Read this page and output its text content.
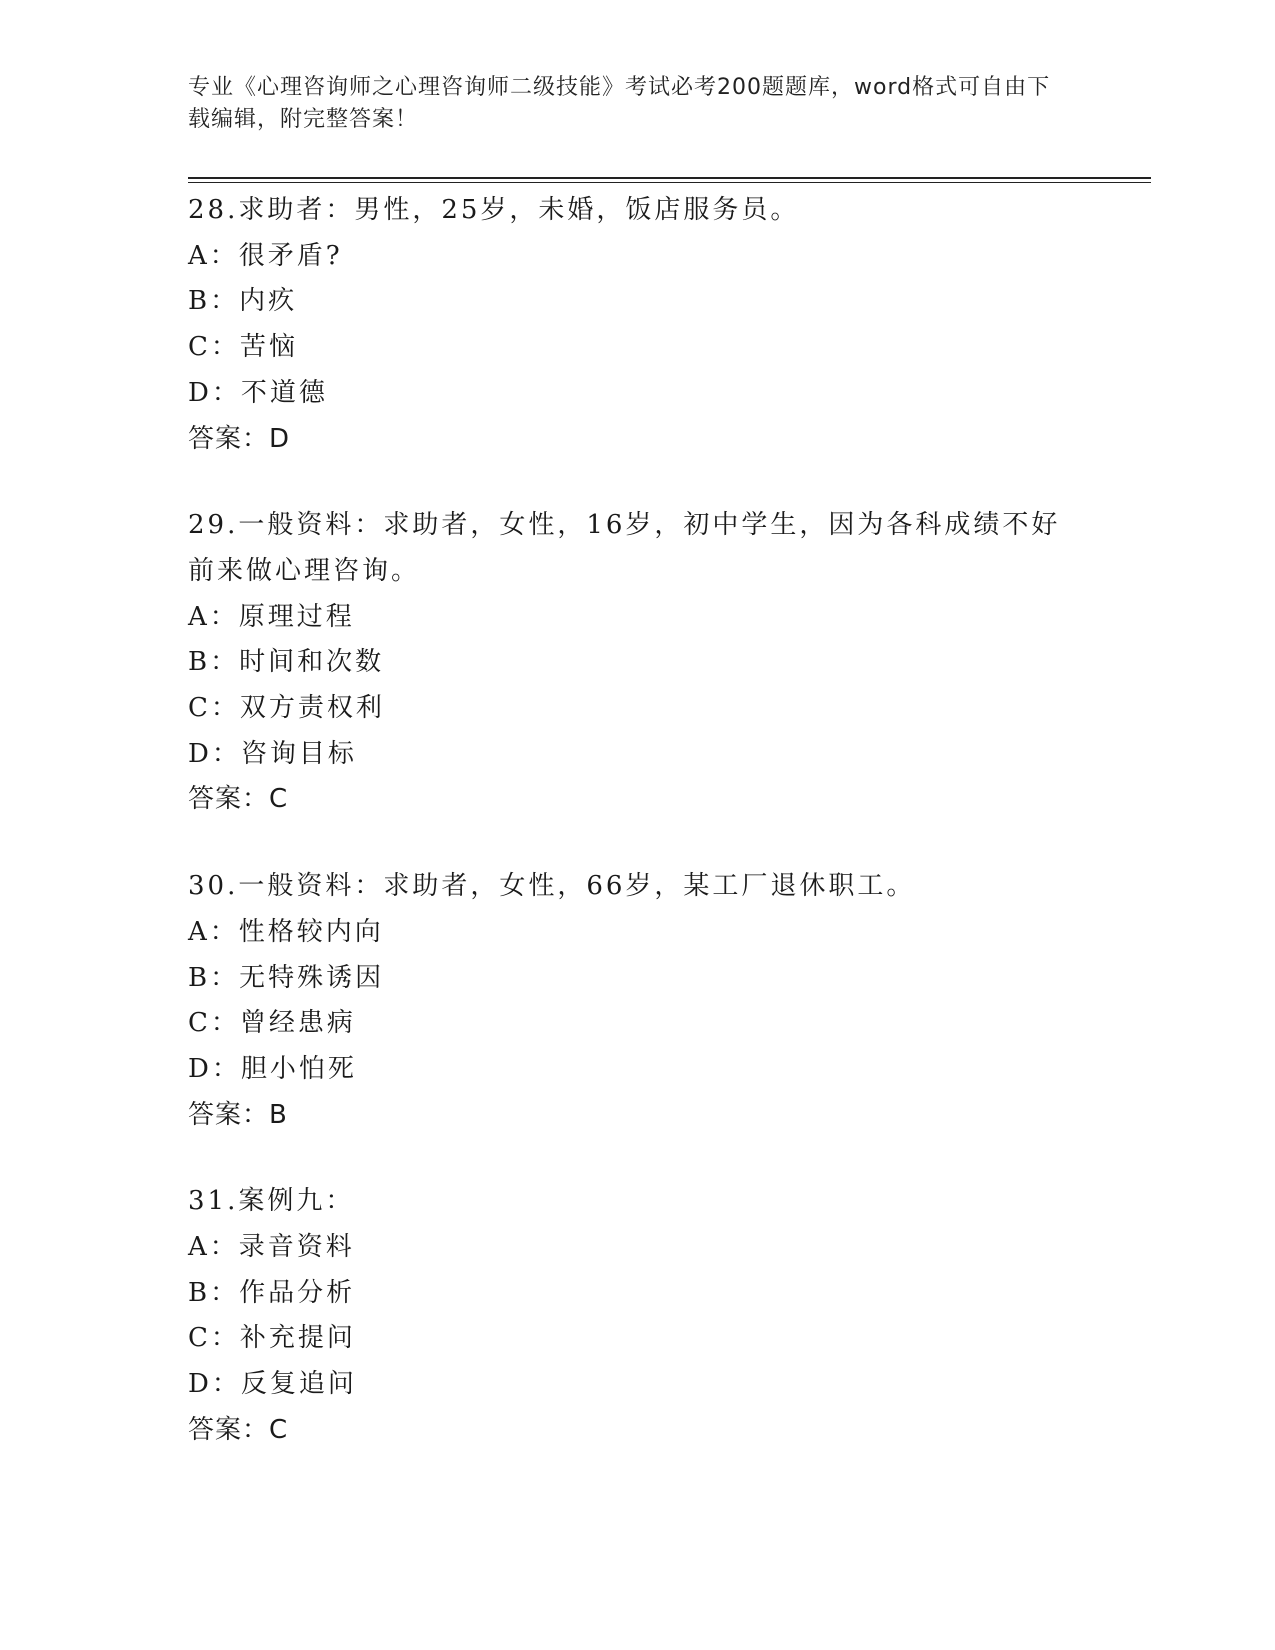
专业《心理咨询师之心理咨询师二级技能》考试必考200题题库，word格式可自由下载编辑，附完整答案！
28.求助者：男性，25岁，未婚，饭店服务员。
A：很矛盾?
B：内疚
C：苦恼
D：不道德
答案：D
29.一般资料：求助者，女性，16岁，初中学生，因为各科成绩不好前来做心理咨询。
A：原理过程
B：时间和次数
C：双方责权利
D：咨询目标
答案：C
30.一般资料：求助者，女性，66岁，某工厂退休职工。
A：性格较内向
B：无特殊诱因
C：曾经患病
D：胆小怕死
答案：B
31.案例九：
A：录音资料
B：作品分析
C：补充提问
D：反复追问
答案：C
